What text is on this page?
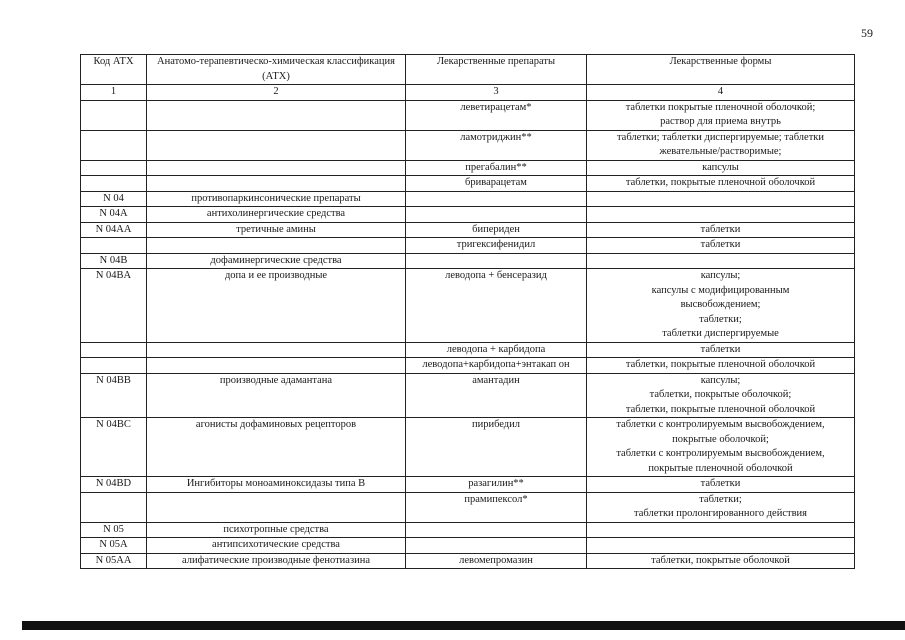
59
Код АТХ	Анатомо-терапевтическо-химическая классификация (АТХ)	Лекарственные препараты	Лекарственные формы
1	2	3	4
		леветирацетам*	таблетки покрытые пленочной оболочкой;
раствор для приема внутрь

		ламотриджин**	таблетки; таблетки диспергируемые; таблетки
жевательные/растворимые;

		прегабалин**	капсулы

		бриварацетам	таблетки, покрытые пленочной оболочкой

N 04	противопаркинсонические препараты		
N 04A	антихолинергические средства		
N 04AA	третичные амины	бипериден	таблетки

		тригексифенидил	таблетки

N 04B	дофаминергические средства		
N 04BA	допа и ее производные	леводопа + бенсеразид	капсулы;
капсулы с модифицированным
высвобождением;
таблетки;
таблетки диспергируемые

		леводопа + карбидопа	таблетки

		леводопа+карбидопа+энтакап он	таблетки, покрытые пленочной оболочкой

N 04BB	производные адамантана	амантадин	капсулы;
таблетки, покрытые оболочкой;
таблетки, покрытые пленочной оболочкой

N 04BC	агонисты дофаминовых рецепторов	пирибедил	таблетки с контролируемым высвобождением,
покрытые оболочкой;
таблетки с контролируемым высвобождением,
покрытые пленочной оболочкой

N 04BD	Ингибиторы моноаминоксидазы типа В	разагилин**	таблетки

		прамипексол*	таблетки;
таблетки пролонгированного действия

N 05	психотропные средства		
N 05A	антипсихотические средства		
N 05AA	алифатические производные фенотиазина	левомепромазин	таблетки, покрытые оболочкой
